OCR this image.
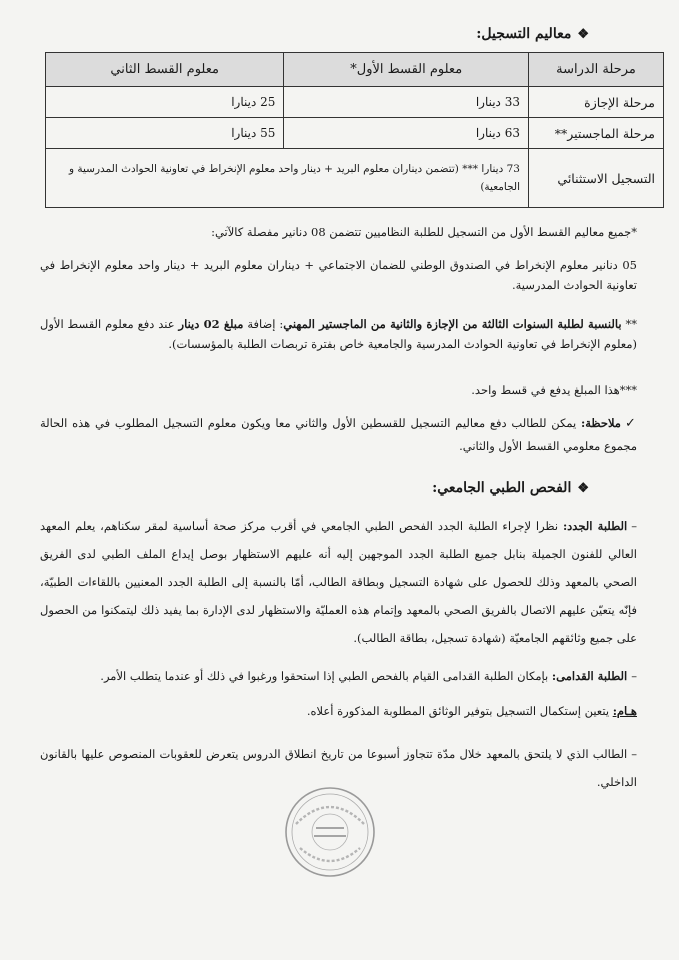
❖معاليم التسجيل:
مرحلة الدراسة	معلوم القسط الأول*	معلوم القسط الثاني
مرحلة الإجازة	33 دينارا	25 دينارا
مرحلة الماجستير**	63 دينارا	55 دينارا
التسجيل الاستثنائي	73 دينارا *** (تتضمن ديناران معلوم البريد + دينار واحد معلوم الإنخراط في تعاونية الحوادث المدرسية و الجامعية)	
*جميع معاليم القسط الأول من التسجيل للطلبة النظاميين تتضمن 08 دنانير مفصلة كالآتي:
05 دنانير معلوم الإنخراط في الصندوق الوطني للضمان الاجتماعي + ديناران معلوم البريد + دينار واحد معلوم الإنخراط في تعاونية الحوادث المدرسية.
** بالنسبة لطلبة السنوات الثالثة من الإجازة والثانية من الماجستير المهني: إضافة مبلغ 02 دينار عند دفع معلوم القسط الأول (معلوم الإنخراط في تعاونية الحوادث المدرسية والجامعية خاص بفترة تربصات الطلبة بالمؤسسات).
***هذا المبلغ يدفع في قسط واحد.
✓ملاحظة: يمكن للطالب دفع معاليم التسجيل للقسطين الأول والثاني معا ويكون معلوم التسجيل المطلوب في هذه الحالة مجموع معلومي القسط الأول والثاني.
❖الفحص الطبي الجامعي:
–الطلبة الجدد: نظرا لإجراء الطلبة الجدد الفحص الطبي الجامعي في أقرب مركز صحة أساسية لمقر سكناهم، يعلم المعهد العالي للفنون الجميلة بنابل جميع الطلبة الجدد الموجهين إليه أنه عليهم الاستظهار بوصل إيداع الملف الطبي لدى الفريق الصحي بالمعهد وذلك للحصول على شهادة التسجيل وبطاقة الطالب، أمّا بالنسبة إلى الطلبة الجدد المعنيين باللقاءات الطبيّة، فإنّه يتعيّن عليهم الاتصال بالفريق الصحي بالمعهد وإتمام هذه العمليّة والاستظهار لدى الإدارة بما يفيد ذلك ليتمكنوا من الحصول على جميع وثائقهم الجامعيّة (شهادة تسجيل، بطاقة الطالب).
–الطلبة القدامى: بإمكان الطلبة القدامى القيام بالفحص الطبي إذا استحقوا ورغبوا في ذلك أو عندما يتطلب الأمر.
هـام: يتعين إستكمال التسجيل بتوفير الوثائق المطلوبة المذكورة أعلاه.
–الطالب الذي لا يلتحق بالمعهد خلال مدّة تتجاوز أسبوعا من تاريخ انطلاق الدروس يتعرض للعقوبات المنصوص عليها بالقانون الداخلي.
